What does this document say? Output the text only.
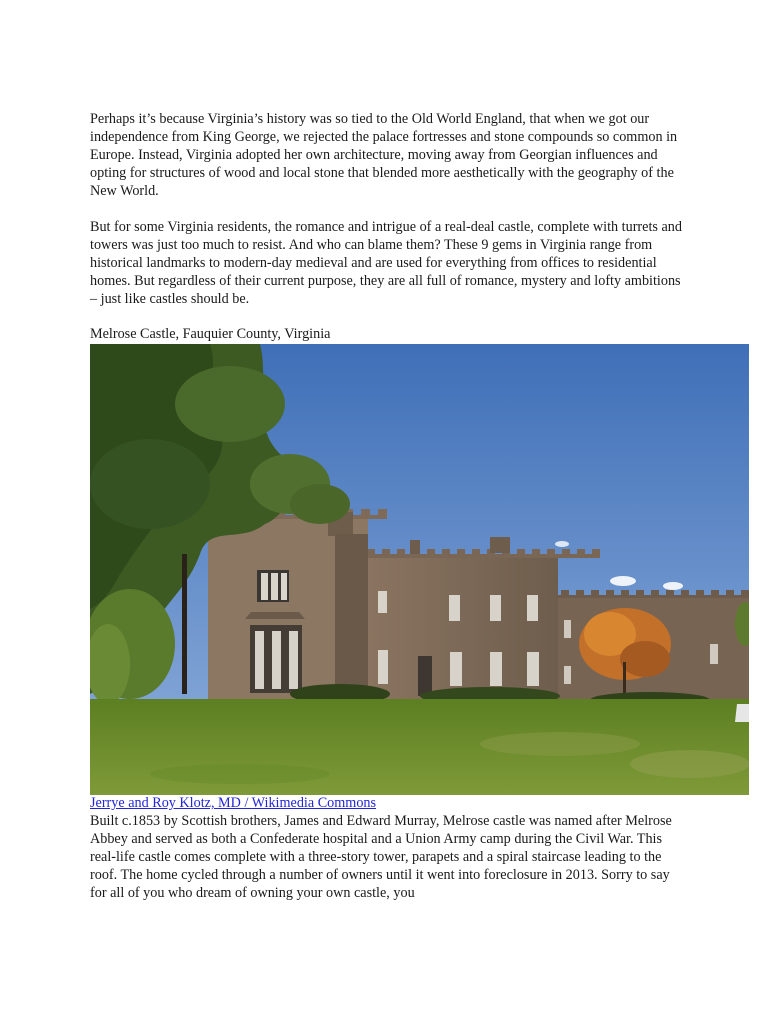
Perhaps it’s because Virginia’s history was so tied to the Old World England, that when we got our independence from King George, we rejected the palace fortresses and stone compounds so common in Europe. Instead, Virginia adopted her own architecture, moving away from Georgian influences and opting for structures of wood and local stone that blended more aesthetically with the geography of the New World.

But for some Virginia residents, the romance and intrigue of a real-deal castle, complete with turrets and towers was just too much to resist. And who can blame them? These 9 gems in Virginia range from historical landmarks to modern-day medieval and are used for everything from offices to residential homes. But regardless of their current purpose, they are all full of romance, mystery and lofty ambitions – just like castles should be.

Melrose Castle, Fauquier County, Virginia

Jerrye and Roy Klotz, MD / Wikimedia Commons

Built c.1853 by Scottish brothers, James and Edward Murray, Melrose castle was named after Melrose Abbey and served as both a Confederate hospital and a Union Army camp during the Civil War. This real-life castle comes complete with a three-story tower, parapets and a spiral staircase leading to the roof. The home cycled through a number of owners until it went into foreclosure in 2013. Sorry to say for all of you who dream of owning your own castle, you
